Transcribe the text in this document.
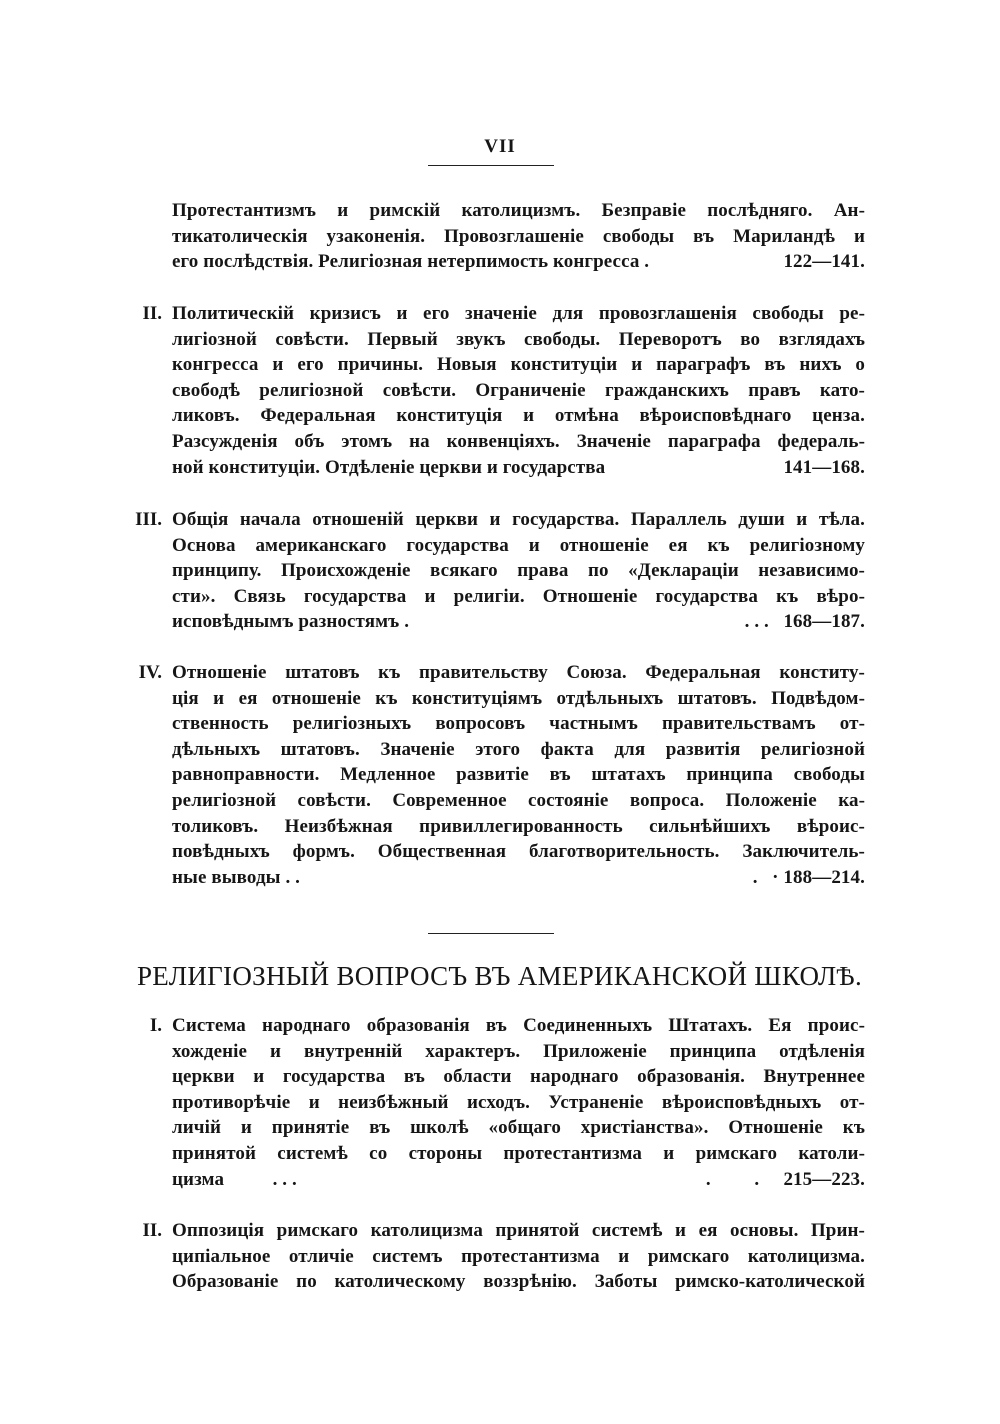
VII
Протестантизмъ и римскій католицизмъ. Безправіе послѣдняго. Ан-
тикатолическія узаконенія. Провозглашеніе свободы въ Мариландѣ и
его послѣдствія. Религіозная нетерпимость конгресса .	122—141.
II. Политическій кризисъ и его значеніе для провозглашенія свободы ре-
лигіозной совѣсти. Первый звукъ свободы. Переворотъ во взглядахъ
конгресса и его причины. Новыя конституціи и параграфъ въ нихъ о
свободѣ религіозной совѣсти. Ограниченіе гражданскихъ правъ като-
ликовъ. Федеральная конституція и отмѣна вѣроисповѣднаго ценза.
Разсужденія объ этомъ на конвенціяхъ. Значеніе параграфа федераль-
ной конституціи. Отдѣленіе церкви и государства	141—168.
III. Общія начала отношеній церкви и государства. Параллель души и тѣла.
Основа американскаго государства и отношеніе ея къ религіозному
принципу. Происхожденіе всякаго права по «Деклараціи независимо-
сти». Связь государства и религіи. Отношеніе государства къ вѣро-
исповѣднымъ разностямъ .	. . .   168—187.
IV. Отношеніе штатовъ къ правительству Союза. Федеральная конститу-
ція и ея отношеніе къ конституціямъ отдѣльныхъ штатовъ. Подвѣдом-
ственность религіозныхъ вопросовъ частнымъ правительствамъ от-
дѣльныхъ штатовъ. Значеніе этого факта для развитія религіозной
равноправности. Медленное развитіе въ штатахъ принципа свободы
религіозной совѣсти. Современное состояніе вопроса. Положеніе ка-
толиковъ. Неизбѣжная привиллегированность сильнѣйшихъ вѣроис-
повѣдныхъ формъ. Общественная благотворительность. Заключитель-
ные выводы . .	.   · 188—214.
РЕЛИГІОЗНЫЙ ВОПРОСЪ ВЪ АМЕРИКАНСКОЙ ШКОЛѢ.
I. Система народнаго образованія въ Соединенныхъ Штатахъ. Ея проис-
хожденіе и внутренній характеръ. Приложеніе принципа отдѣленія
церкви и государства въ области народнаго образованія. Внутреннее
противорѣчіе и неизбѣжный исходъ. Устраненіе вѣроисповѣдныхъ от-
личій и принятіе въ школѣ «общаго христіанства». Отношеніе къ
принятой системѣ со стороны протестантизма и римскаго католи-
цизма          . . .	.         .     215—223.
II. Оппозиція римскаго католицизма принятой системѣ и ея основы. Прин-
ципіальное отличіе системъ протестантизма и римскаго католицизма.
Образованіе по католическому воззрѣнію. Заботы римско-католической
